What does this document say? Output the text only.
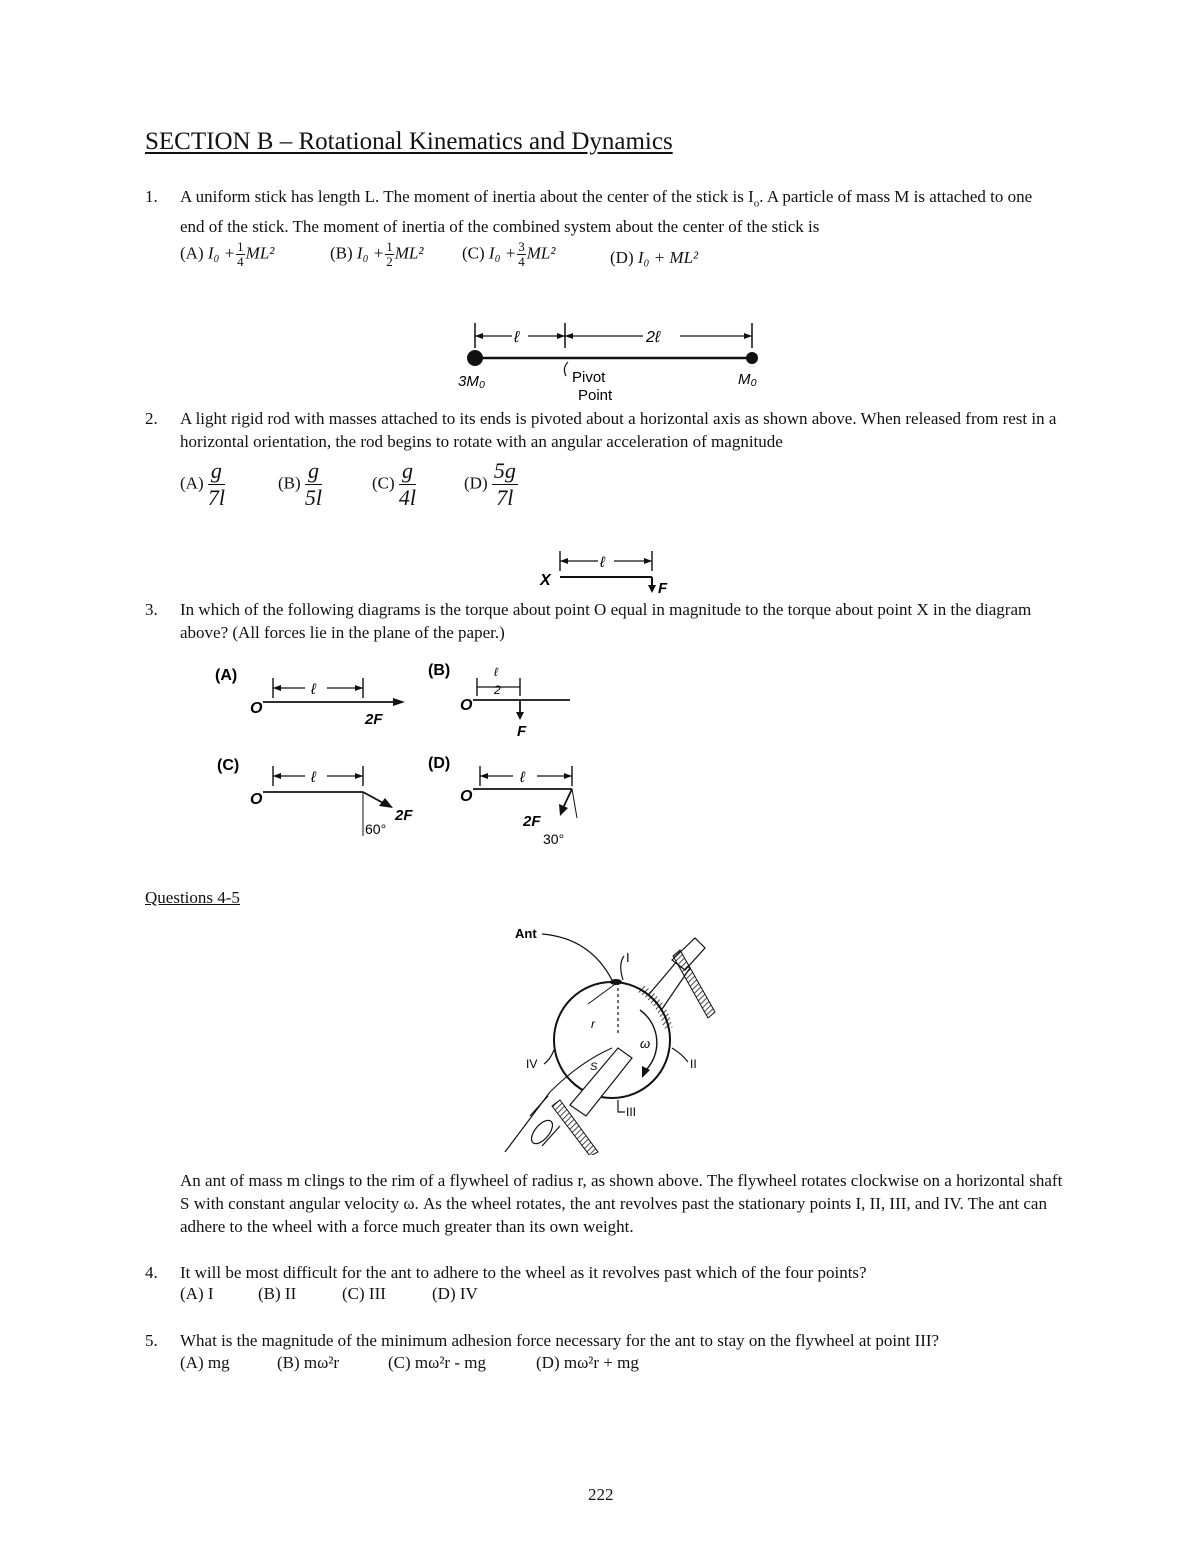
SECTION B – Rotational Kinematics and Dynamics
1. A uniform stick has length L. The moment of inertia about the center of the stick is $I_o$. A particle of mass M is attached to one end of the stick. The moment of inertia of the combined system about the center of the stick is
(A) $I_0 + \frac{1}{4} ML^2$	(B) $I_0 + \frac{1}{2} ML^2$ (C) $I_0 + \frac{3}{4} ML^2$	(D) I₀ + ML²
ℓ	2ℓ
3M₀	Pivot
Point
M₀
2. A light rigid rod with masses attached to its ends is pivoted about a horizontal axis as shown above. When released from rest in a horizontal orientation, the rod begins to rotate with an angular acceleration of magnitude
$(A) \frac{g}{7l}$	$(B) \frac{g}{5l}$	$(C) \frac{g}{4l}$	$(D) \frac{5g}{7l}$
ℓ
X	F
3. In which of the following diagrams is the torque about point O equal in magnitude to the torque about point X in the diagram above? (All forces lie in the plane of the paper.)
(A)
O
ℓ
2F
(B)
O
ℓ
2
F
(C)
O
ℓ
60°
2F
(D)
O
ℓ
2F
30°
Questions 4-5
r
ω
S
Ant
I
II
III
IV
An ant of mass m clings to the rim of a flywheel of radius r, as shown above. The flywheel rotates clockwise on a horizontal shaft S with constant angular velocity ω. As the wheel rotates, the ant revolves past the stationary points I, II, III, and IV. The ant can adhere to the wheel with a force much greater than its own weight.
4. It will be most difficult for the ant to adhere to the wheel as it revolves past which of the four points?
(A) I	(B) II	(C) III	(D) IV
5. What is the magnitude of the minimum adhesion force necessary for the ant to stay on the flywheel at point III?
(A) mg	(B) mω²r	(C) mω²r - mg	(D) mω²r + mg
222
